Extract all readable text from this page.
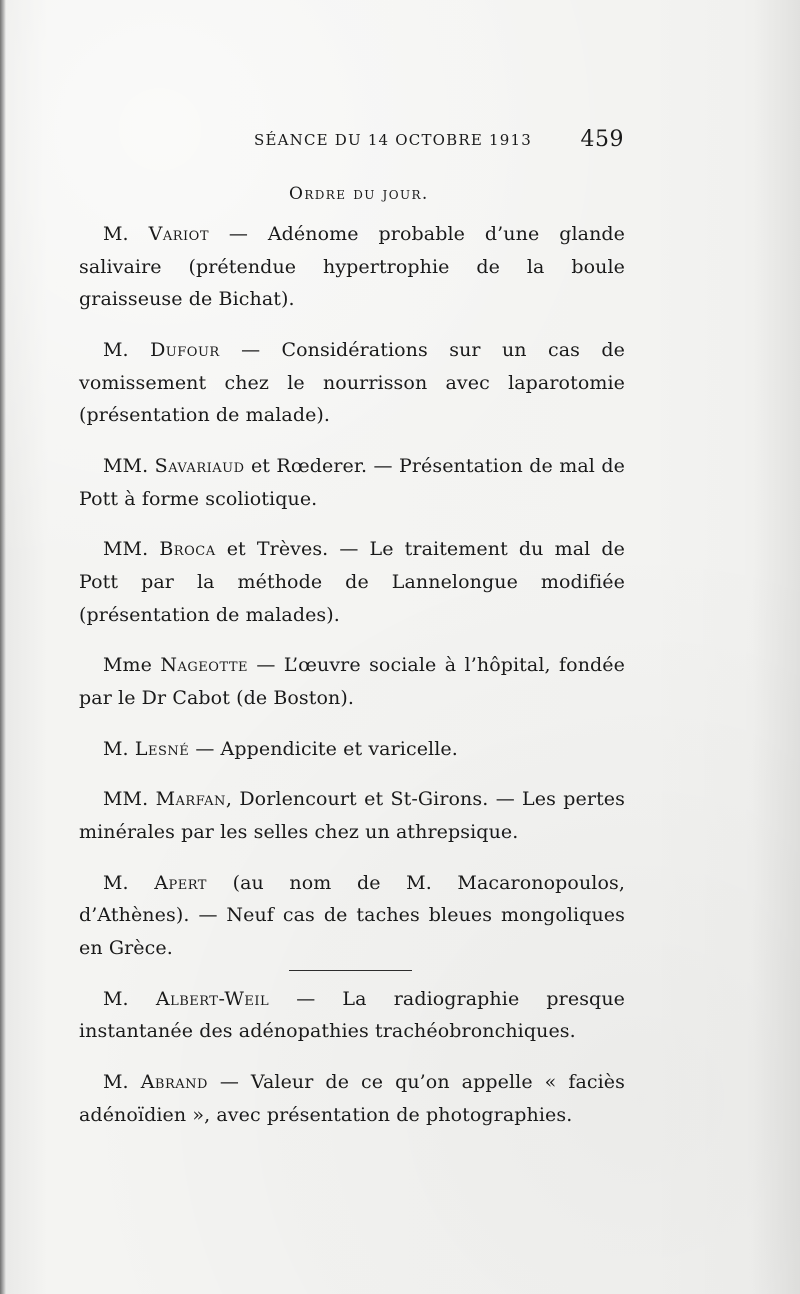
SÉANCE DU 14 OCTOBRE 1913 459
Ordre du jour.

M. Variot — Adénome probable d’une glande salivaire (prétendue hypertrophie de la boule graisseuse de Bichat).

M. Dufour — Considérations sur un cas de vomissement chez le nourrisson avec laparotomie (présentation de malade).

MM. Savariaud et Rœderer. — Présentation de mal de Pott à forme scoliotique.

MM. Broca et Trèves. — Le traitement du mal de Pott par la méthode de Lannelongue modifiée (présentation de malades).

Mme Nageotte — L’œuvre sociale à l’hôpital, fondée par le Dr Cabot (de Boston).

M. Lesné — Appendicite et varicelle.

MM. Marfan, Dorlencourt et St-Girons. — Les pertes minérales par les selles chez un athrepsique.

M. Apert (au nom de M. Macaronopoulos, d’Athènes). — Neuf cas de taches bleues mongoliques en Grèce.

M. Albert-Weil — La radiographie presque instantanée des adénopathies trachéobronchiques.

M. Abrand — Valeur de ce qu’on appelle « faciès adénoïdien », avec présentation de photographies.
